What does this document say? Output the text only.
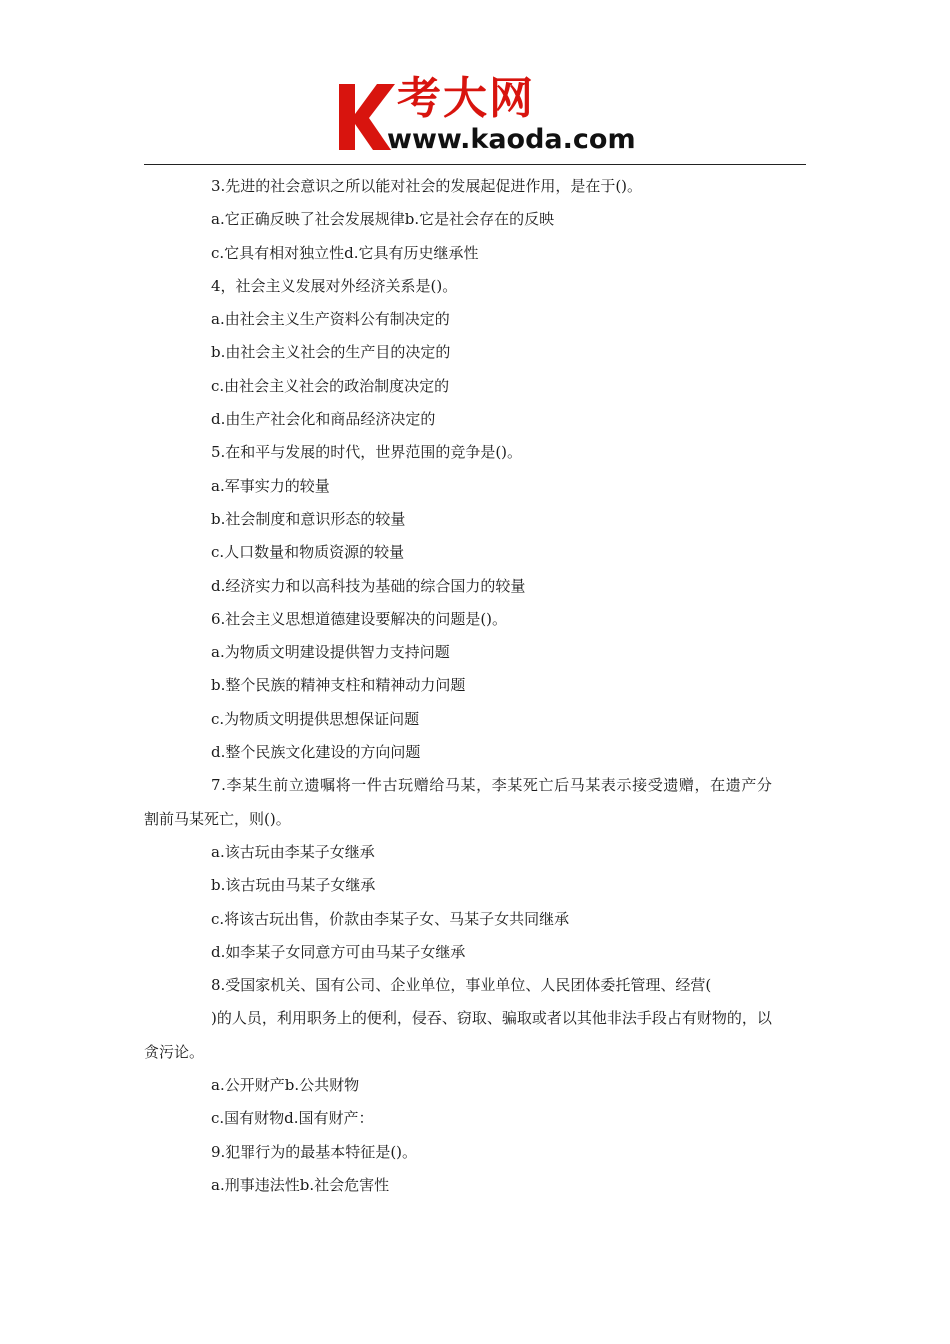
考大网
www.kaoda.com
3.先进的社会意识之所以能对社会的发展起促进作用，是在于()。
a.它正确反映了社会发展规律b.它是社会存在的反映
c.它具有相对独立性d.它具有历史继承性
4，社会主义发展对外经济关系是()。
a.由社会主义生产资料公有制决定的
b.由社会主义社会的生产目的决定的
c.由社会主义社会的政治制度决定的
d.由生产社会化和商品经济决定的
5.在和平与发展的时代，世界范围的竞争是()。
a.军事实力的较量
b.社会制度和意识形态的较量
c.人口数量和物质资源的较量
d.经济实力和以高科技为基础的综合国力的较量
6.社会主义思想道德建设要解决的问题是()。
a.为物质文明建设提供智力支持问题
b.整个民族的精神支柱和精神动力问题
c.为物质文明提供思想保证问题
d.整个民族文化建设的方向问题
7.李某生前立遗嘱将一件古玩赠给马某，李某死亡后马某表示接受遗赠，在遗产分
割前马某死亡，则()。
a.该古玩由李某子女继承
b.该古玩由马某子女继承
c.将该古玩出售，价款由李某子女、马某子女共同继承
d.如李某子女同意方可由马某子女继承
8.受国家机关、国有公司、企业单位，事业单位、人民团体委托管理、经营(
)的人员，利用职务上的便利，侵吞、窃取、骗取或者以其他非法手段占有财物的，以
贪污论。
a.公开财产b.公共财物
c.国有财物d.国有财产：
9.犯罪行为的最基本特征是()。
a.刑事违法性b.社会危害性
